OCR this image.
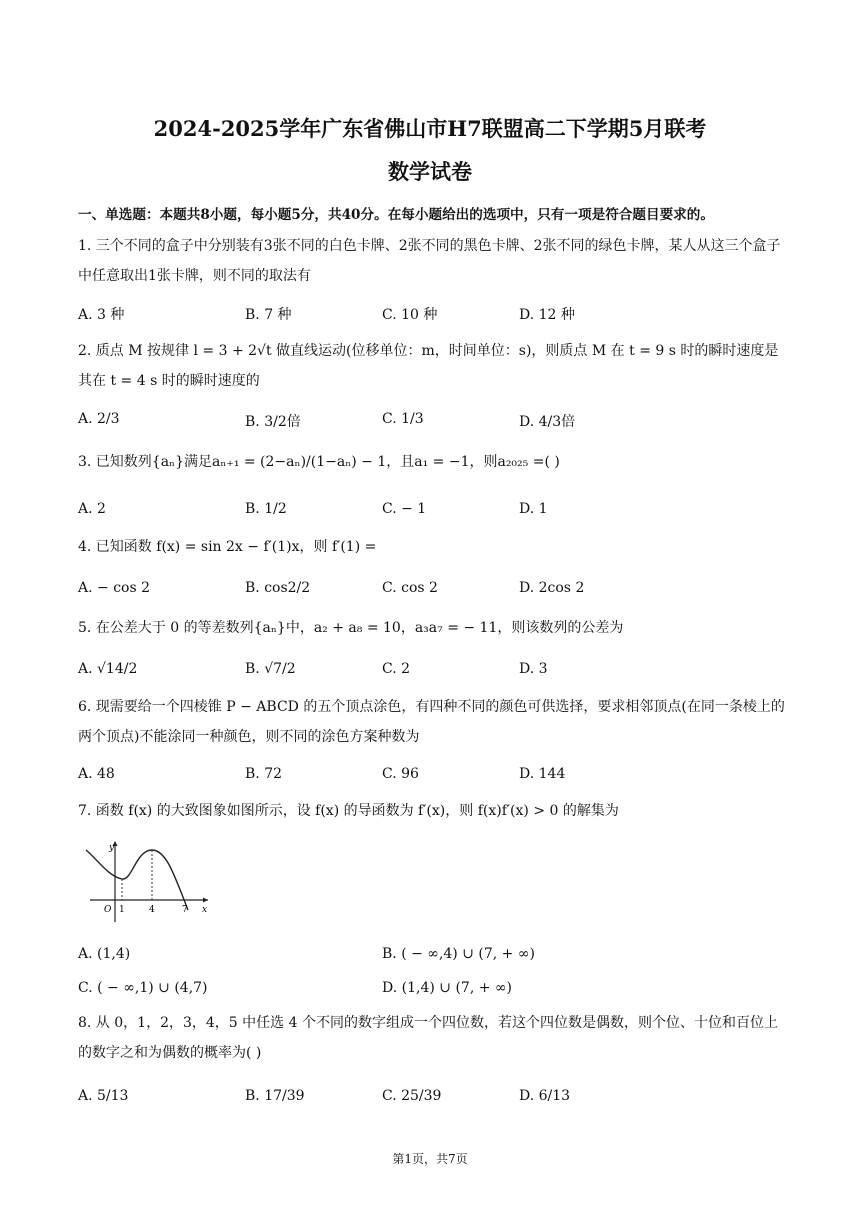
2024-2025学年广东省佛山市H7联盟高二下学期5月联考
数学试卷
一、单选题：本题共8小题，每小题5分，共40分。在每小题给出的选项中，只有一项是符合题目要求的。
1. 三个不同的盒子中分别装有3张不同的白色卡牌、2张不同的黑色卡牌、2张不同的绿色卡牌，某人从这三个盒子中任意取出1张卡牌，则不同的取法有
A. 3 种	B. 7 种	C. 10 种	D. 12 种
2. 质点 M 按规律 l = 3 + 2√t 做直线运动(位移单位：m，时间单位：s)，则质点 M 在 t = 9 s 时的瞬时速度是其在 t = 4 s 时的瞬时速度的
A. 2/3	B. 3/2倍	C. 1/3	D. 4/3倍
3. 已知数列{aₙ}满足aₙ₊₁ = (2−aₙ)/(1−aₙ) − 1，且a₁ = −1，则a₂₀₂₅ =( )
A. 2	B. 1/2	C. − 1	D. 1
4. 已知函数 f(x) = sin 2x − f′(1)x，则 f′(1) =
A. − cos 2	B. cos2/2	C. cos 2	D. 2cos 2
5. 在公差大于 0 的等差数列{aₙ}中，a₂ + a₈ = 10，a₃a₇ = − 11，则该数列的公差为
A. √14/2	B. √7/2	C. 2	D. 3
6. 现需要给一个四棱锥 P − ABCD 的五个顶点涂色，有四种不同的颜色可供选择，要求相邻顶点(在同一条棱上的两个顶点)不能涂同一种颜色，则不同的涂色方案种数为
A. 48	B. 72	C. 96	D. 144
7. 函数 f(x) 的大致图象如图所示，设 f(x) 的导函数为 f′(x)，则 f(x)f′(x) > 0 的解集为
y
x
O 1	4	7
A. (1,4)	B. ( − ∞,4) ∪ (7, + ∞)
C. ( − ∞,1) ∪ (4,7)	D. (1,4) ∪ (7, + ∞)
8. 从 0，1，2，3，4，5 中任选 4 个不同的数字组成一个四位数，若这个四位数是偶数，则个位、十位和百位上的数字之和为偶数的概率为( )
A. 5/13	B. 17/39	C. 25/39	D. 6/13
第1页，共7页
